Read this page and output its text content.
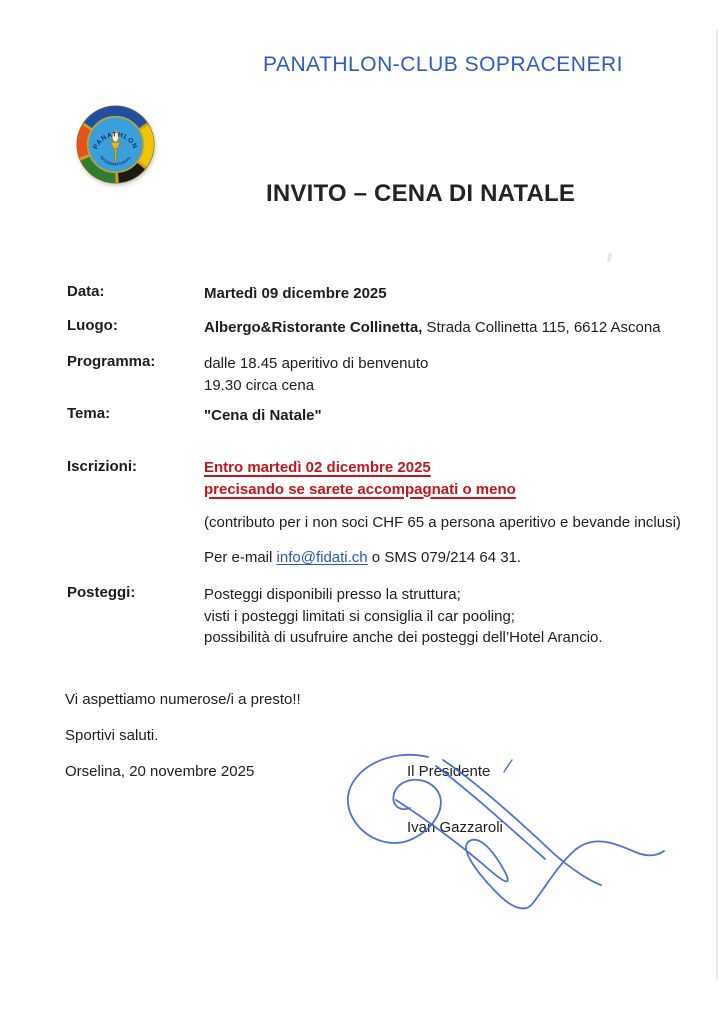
PANATHLON-CLUB SOPRACENERI
PANATHLON
INTERNATIONAL
INVITO – CENA DI NATALE
Data:	Martedì 09 dicembre 2025
Luogo:	Albergo&Ristorante Collinetta, Strada Collinetta 115, 6612 Ascona
Programma:	dalle 18.45 aperitivo di benvenuto
19.30 circa cena
Tema:	"Cena di Natale"
Iscrizioni:	Entro martedì 02 dicembre 2025
precisando se sarete accompagnati o meno
(contributo per i non soci CHF 65 a persona aperitivo e bevande inclusi)
Per e-mail info@fidati.ch o SMS 079/214 64 31.
Posteggi:	Posteggi disponibili presso la struttura;
visti i posteggi limitati si consiglia il car pooling;
possibilità di usufruire anche dei posteggi dell’Hotel Arancio.
Vi aspettiamo numerose/i a presto!!
Sportivi saluti.
Orselina, 20 novembre 2025	Il Presidente
Ivan Gazzaroli
